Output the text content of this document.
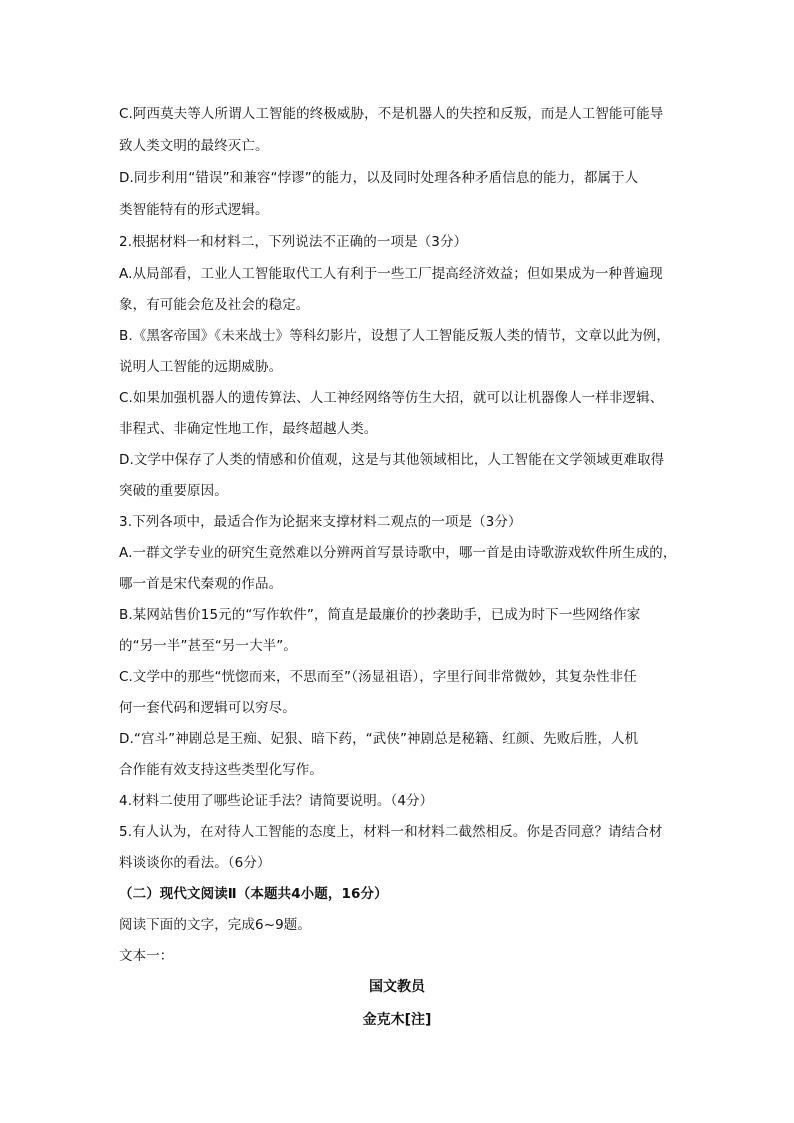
C.阿西莫夫等人所谓人工智能的终极威胁，不是机器人的失控和反叛，而是人工智能可能导
致人类文明的最终灭亡。
D.同步利用“错误”和兼容“悖谬”的能力，以及同时处理各种矛盾信息的能力，都属于人
类智能特有的形式逻辑。
2.根据材料一和材料二，下列说法不正确的一项是（3分）
A.从局部看，工业人工智能取代工人有利于一些工厂提高经济效益；但如果成为一种普遍现
象，有可能会危及社会的稳定。
B.《黑客帝国》《未来战士》等科幻影片，设想了人工智能反叛人类的情节，文章以此为例，
说明人工智能的远期威胁。
C.如果加强机器人的遗传算法、人工神经网络等仿生大招，就可以让机器像人一样非逻辑、
非程式、非确定性地工作，最终超越人类。
D.文学中保存了人类的情感和价值观，这是与其他领域相比，人工智能在文学领域更难取得
突破的重要原因。
3.下列各项中，最适合作为论据来支撑材料二观点的一项是（3分）
A.一群文学专业的研究生竟然难以分辨两首写景诗歌中，哪一首是由诗歌游戏软件所生成的，
哪一首是宋代秦观的作品。
B.某网站售价15元的“写作软件”，简直是最廉价的抄袭助手，已成为时下一些网络作家
的“另一半”甚至“另一大半”。
C.文学中的那些“恍惚而来，不思而至”（汤显祖语），字里行间非常微妙，其复杂性非任
何一套代码和逻辑可以穷尽。
D.“宫斗”神剧总是王痴、妃狠、暗下药，“武侠”神剧总是秘籍、红颜、先败后胜，人机
合作能有效支持这些类型化写作。
4.材料二使用了哪些论证手法？请简要说明。（4分）
5.有人认为，在对待人工智能的态度上，材料一和材料二截然相反。你是否同意？请结合材
料谈谈你的看法。（6分）
（二）现代文阅读Ⅱ（本题共4小题，16分）
阅读下面的文字，完成6~9题。
文本一：
国文教员
金克木[注]
